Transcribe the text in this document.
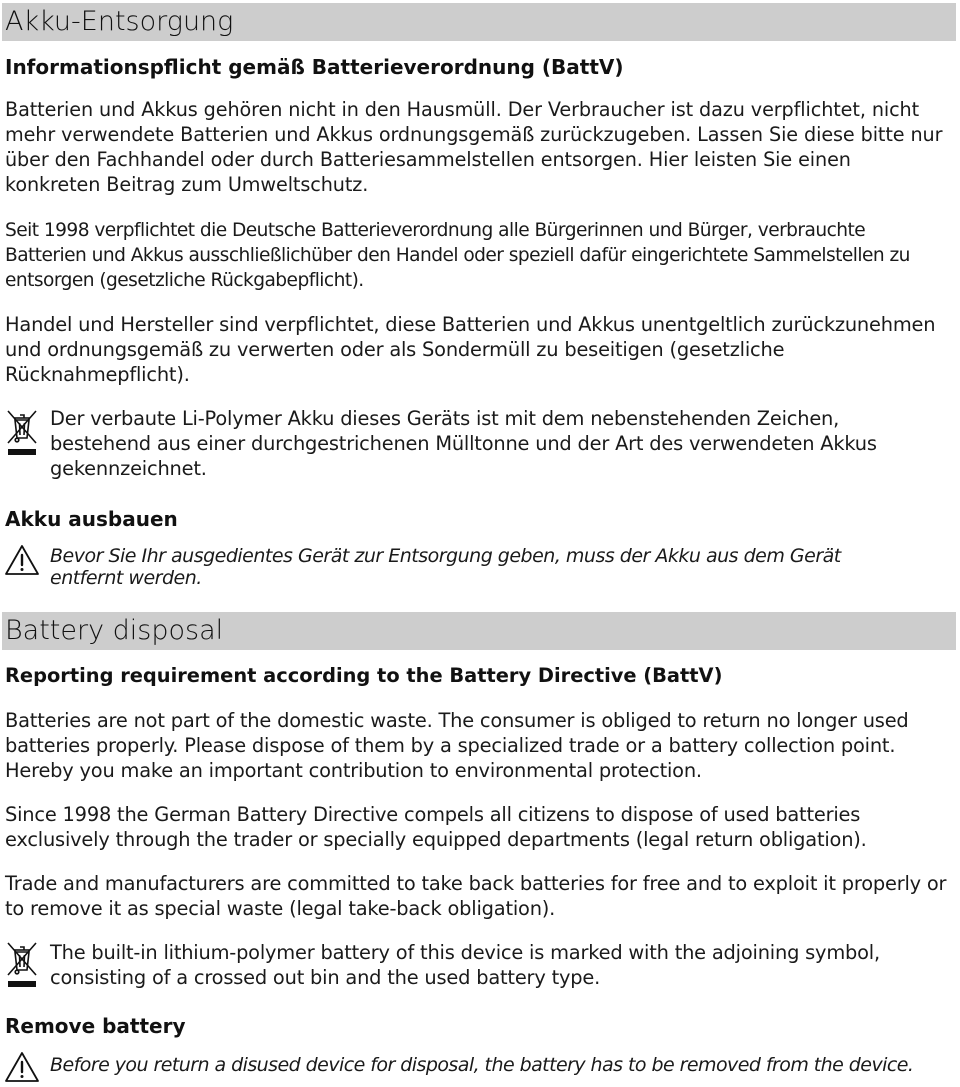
Akku-Entsorgung
Informationspflicht gemäß Batterieverordnung (BattV)
Batterien und Akkus gehören nicht in den Hausmüll. Der Verbraucher ist dazu verpflichtet, nicht mehr verwendete Batterien und Akkus ordnungsgemäß zurückzugeben. Lassen Sie diese bitte nur über den Fachhandel oder durch Batteriesammelstellen entsorgen. Hier leisten Sie einen konkreten Beitrag zum Umweltschutz.
Seit 1998 verpflichtet die Deutsche Batterieverordnung alle Bürgerinnen und Bürger, verbrauchte Batterien und Akkus ausschließlichüber den Handel oder speziell dafür eingerichtete Sammelstellen zu entsorgen (gesetzliche Rückgabepflicht).
Handel und Hersteller sind verpflichtet, diese Batterien und Akkus unentgeltlich zurückzunehmen und ordnungsgemäß zu verwerten oder als Sondermüll zu beseitigen (gesetzliche Rücknahmepflicht).
Der verbaute Li-Polymer Akku dieses Geräts ist mit dem nebenstehenden Zeichen, bestehend aus einer durchgestrichenen Mülltonne und der Art des verwendeten Akkus gekennzeichnet.
Akku ausbauen
Bevor Sie Ihr ausgedientes Gerät zur Entsorgung geben, muss der Akku aus dem Gerät entfernt werden.
Battery disposal
Reporting requirement according to the Battery Directive (BattV)
Batteries are not part of the domestic waste. The consumer is obliged to return no longer used batteries properly. Please dispose of them by a specialized trade or a battery collection point. Hereby you make an important contribution to environmental protection.
Since 1998 the German Battery Directive compels all citizens to dispose of used batteries exclusively through the trader or specially equipped departments (legal return obligation).
Trade and manufacturers are committed to take back batteries for free and to exploit it properly or to remove it as special waste (legal take-back obligation).
The built-in lithium-polymer battery of this device is marked with the adjoining symbol, consisting of a crossed out bin and the used battery type.
Remove battery
Before you return a disused device for disposal, the battery has to be removed from the device.
